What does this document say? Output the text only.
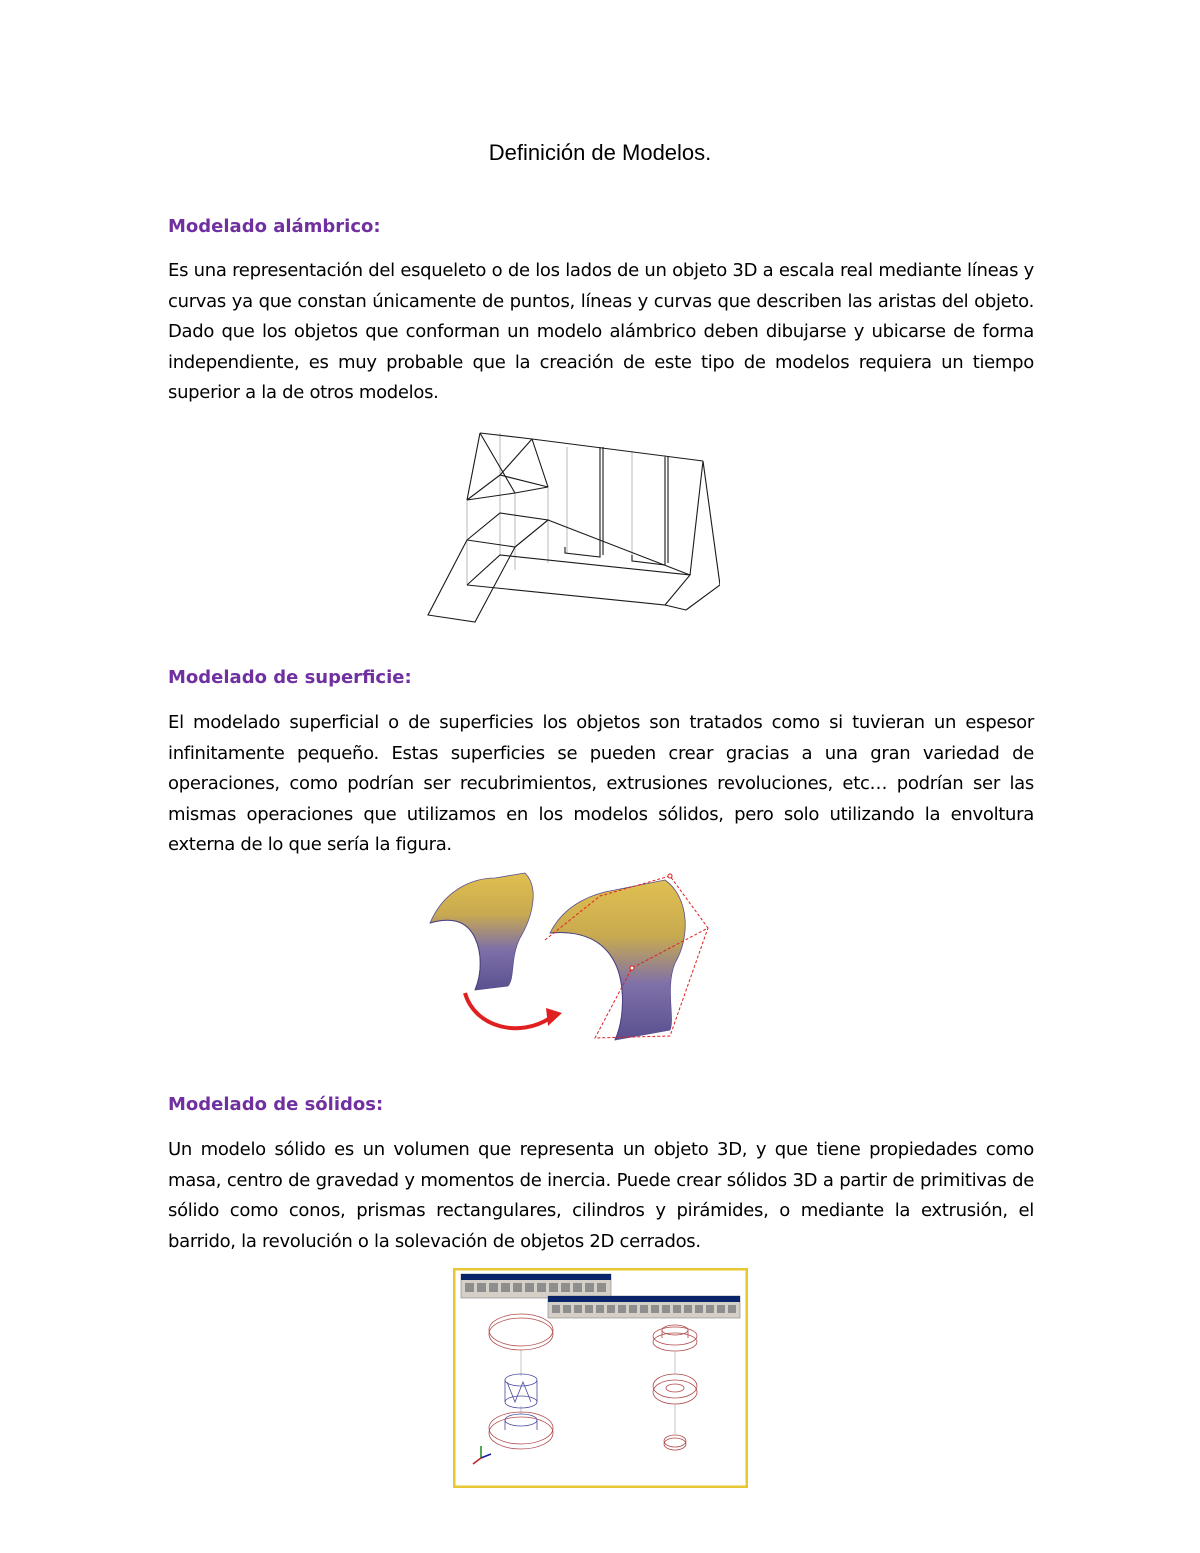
Definición de Modelos.
Modelado alámbrico:
Es una representación del esqueleto o de los lados de un objeto 3D a escala real mediante líneas y curvas ya que constan únicamente de puntos, líneas y curvas que describen las aristas del objeto. Dado que los objetos que conforman un modelo alámbrico deben dibujarse y ubicarse de forma independiente, es muy probable que la creación de este tipo de modelos requiera un tiempo superior a la de otros modelos.
Modelado de superficie:
El modelado superficial o de superficies los objetos son tratados como si tuvieran un espesor infinitamente pequeño. Estas superficies se pueden crear gracias a una gran variedad de operaciones, como podrían ser recubrimientos, extrusiones revoluciones, etc… podrían ser las mismas operaciones que utilizamos en los modelos sólidos, pero solo utilizando la envoltura externa de lo que sería la figura.
Modelado de sólidos:
Un modelo sólido es un volumen que representa un objeto 3D, y que tiene propiedades como masa, centro de gravedad y momentos de inercia. Puede crear sólidos 3D a partir de primitivas de sólido como conos, prismas rectangulares, cilindros y pirámides, o mediante la extrusión, el barrido, la revolución o la solevación de objetos 2D cerrados.
